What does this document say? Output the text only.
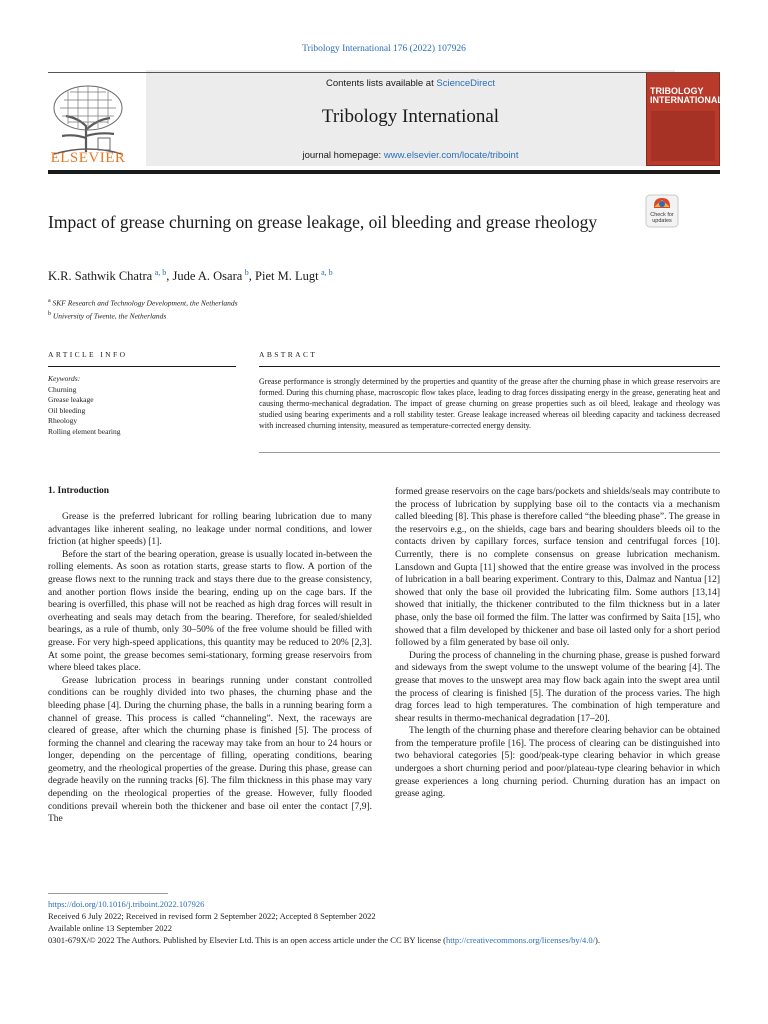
Tribology International 176 (2022) 107926
ELSEVIER
Contents lists available at ScienceDirect
Tribology International
journal homepage: www.elsevier.com/locate/triboint
TRIBOLOGY INTERNATIONAL
Impact of grease churning on grease leakage, oil bleeding and grease rheology	Check for updates
K.R. Sathwik Chatra  $^{a, b}$, Jude A. Osara  $^b$, Piet M. Lugt  $^{a, b}$
$^a$ SKF Research and Technology Development, the Netherlands
$^b$ University of Twente, the Netherlands
ARTICLE INFO	ABSTRACT
Keywords:
Churning
Grease leakage
Oil bleeding
Rheology
Rolling element bearing
Grease performance is strongly determined by the properties and quantity of the grease after the churning phase in which grease reservoirs are formed. During this churning phase, macroscopic flow takes place, leading to drag forces dissipating energy in the grease, generating heat and causing thermo-mechanical degradation. The impact of grease churning on grease properties such as oil bleed, leakage and rheology was studied using bearing experiments and a roll stability tester. Grease leakage increased whereas oil bleeding capacity and tackiness decreased with increased churning intensity, measured as temperature-corrected energy density.
1. Introduction

Grease is the preferred lubricant for rolling bearing lubrication due to many advantages like inherent sealing, no leakage under normal conditions, and lower friction (at higher speeds) [1].

Before the start of the bearing operation, grease is usually located in-between the rolling elements. As soon as rotation starts, grease starts to flow. A portion of the grease flows next to the running track and stays there due to the grease consistency, and another portion flows inside the bearing, ending up on the cage bars. If the bearing is overfilled, this phase will not be reached as high drag forces will result in overheating and seals may detach from the bearing. Therefore, for sealed/shielded bearings, as a rule of thumb, only 30–50% of the free volume should be filled with grease. For very high-speed applications, this quantity may be reduced to 20% [2,3]. At some point, the grease becomes semi-stationary, forming grease reservoirs from where bleed takes place.

Grease lubrication process in bearings running under constant controlled conditions can be roughly divided into two phases, the churning phase and the bleeding phase [4]. During the churning phase, the balls in a running bearing form a channel of grease. This process is called “channeling”. Next, the raceways are cleared of grease, after which the churning phase is finished [5]. The process of forming the channel and clearing the raceway may take from an hour to 24 hours or longer, depending on the percentage of filling, operating conditions, bearing geometry, and the rheological properties of the grease. During this phase, grease can degrade heavily on the running tracks [6]. The film thickness in this phase may vary depending on the rheological properties of the grease. However, fully flooded conditions prevail wherein both the thickener and base oil enter the contact [7,9]. The

formed grease reservoirs on the cage bars/pockets and shields/seals may contribute to the process of lubrication by supplying base oil to the contacts via a mechanism called bleeding [8]. This phase is therefore called “the bleeding phase”. The grease in the reservoirs e.g., on the shields, cage bars and bearing shoulders bleeds oil to the contacts driven by capillary forces, surface tension and centrifugal forces [10]. Currently, there is no complete consensus on grease lubrication mechanism. Lansdown and Gupta [11] showed that the entire grease was involved in the process of lubrication in a ball bearing experiment. Contrary to this, Dalmaz and Nantua [12] showed that only the base oil provided the lubricating film. Some authors [13,14] showed that initially, the thickener contributed to the film thickness but in a later phase, only the base oil formed the film. The latter was confirmed by Saita [15], who showed that a film developed by thickener and base oil lasted only for a short period followed by a film generated by base oil only.

During the process of channeling in the churning phase, grease is pushed forward and sideways from the swept volume to the unswept volume of the bearing [4]. The grease that moves to the unswept area may flow back again into the swept area until the process of clearing is finished [5]. The duration of the process varies. The high drag forces lead to high temperatures. The combination of high temperature and shear results in thermo-mechanical degradation [17–20].

The length of the churning phase and therefore clearing behavior can be obtained from the temperature profile [16]. The process of clearing can be distinguished into two behavioral categories [5]: good/peak-type clearing behavior in which grease undergoes a short churning period and poor/plateau-type clearing behavior in which grease experiences a long churning period. Churning duration has an impact on grease aging.

https://doi.org/10.1016/j.triboint.2022.107926
Received 6 July 2022; Received in revised form 2 September 2022; Accepted 8 September 2022
Available online 13 September 2022
0301-679X/© 2022 The Authors. Published by Elsevier Ltd. This is an open access article under the CC BY license (http://creativecommons.org/licenses/by/4.0/).
